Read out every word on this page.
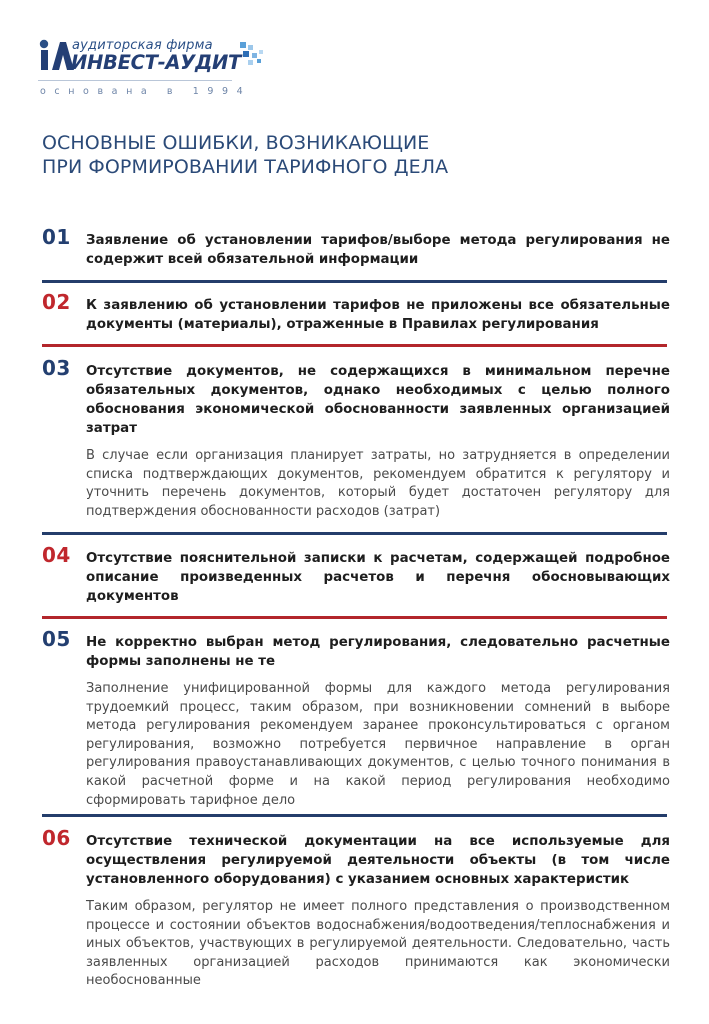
аудиторская фирма
ИНВЕСТ-АУДИТ
основана в 1994
ОСНОВНЫЕ ОШИБКИ, ВОЗНИКАЮЩИЕ
ПРИ ФОРМИРОВАНИИ ТАРИФНОГО ДЕЛА
01 Заявление об установлении тарифов/выборе метода регулирования не содержит всей обязательной информации
02 К заявлению об установлении тарифов не приложены все обязательные документы (материалы), отраженные в Правилах регулирования
03 Отсутствие документов, не содержащихся в минимальном перечне обязательных документов, однако необходимых с целью полного обоснования экономической обоснованности заявленных организацией затрат
В случае если организация планирует затраты, но затрудняется в определении списка подтверждающих документов, рекомендуем обратится к регулятору и уточнить перечень документов, который будет достаточен регулятору для подтверждения обоснованности расходов (затрат)
04 Отсутствие пояснительной записки к расчетам, содержащей подробное описание произведенных расчетов и перечня обосновывающих документов
05 Не корректно выбран метод регулирования, следовательно расчетные формы заполнены не те
Заполнение унифицированной формы для каждого метода регулирования трудоемкий процесс, таким образом, при возникновении сомнений в выборе метода регулирования рекомендуем заранее проконсультироваться с органом регулирования, возможно потребуется первичное направление в орган регулирования правоустанавливающих документов, с целью точного понимания в какой расчетной форме и на какой период регулирования необходимо сформировать тарифное дело
06 Отсутствие технической документации на все используемые для осуществления регулируемой деятельности объекты (в том числе установленного оборудования) с указанием основных характеристик
Таким образом, регулятор не имеет полного представления о производственном процессе и состоянии объектов водоснабжения/водоотведения/теплоснабжения и иных объектов, участвующих в регулируемой деятельности. Следовательно, часть заявленных организацией расходов принимаются как экономически необоснованные
